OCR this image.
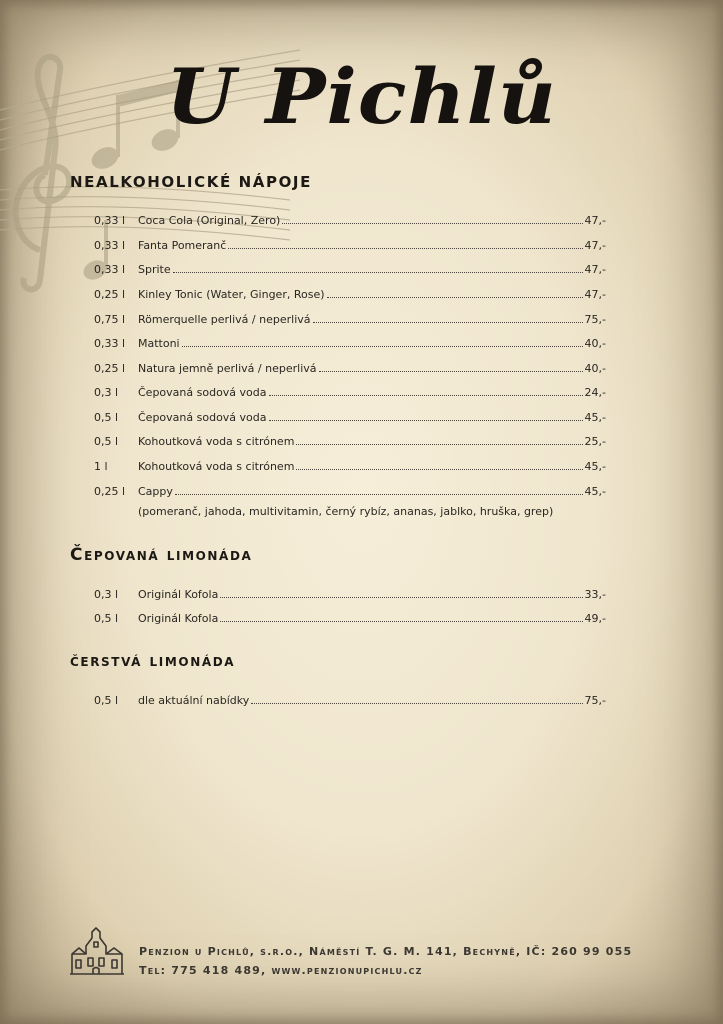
U Pichlů
NEALKOHOLICKÉ NÁPOJE
0,33 l	Coca Cola (Original, Zero)	47,-
0,33 l	Fanta Pomeranč	47,-
0,33 l	Sprite	47,-
0,25 l	Kinley Tonic (Water, Ginger, Rose)	47,-
0,75 l	Römerquelle perlivá / neperlivá	75,-
0,33 l	Mattoni	40,-
0,25 l	Natura jemně perlivá / neperlivá	40,-
0,3 l	Čepovaná sodová voda	24,-
0,5 l	Čepovaná sodová voda	45,-
0,5 l	Kohoutková voda s citrónem	25,-
1 l	Kohoutková voda s citrónem	45,-
0,25 l	Cappy	45,-
(pomeranč, jahoda, multivitamin, černý rybíz, ananas, jablko, hruška, grep)
Čepovaná limonáda
0,3 l	Originál Kofola	33,-
0,5 l	Originál Kofola	49,-
čerstvá limonáda
0,5 l	dle aktuální nabídky	75,-

Penzion u Pichlů, s.r.o., Náměstí T. G. M. 141, Bechyně, IČ: 260 99 055

Tel: 775 418 489, www.penzionupichlu.cz
